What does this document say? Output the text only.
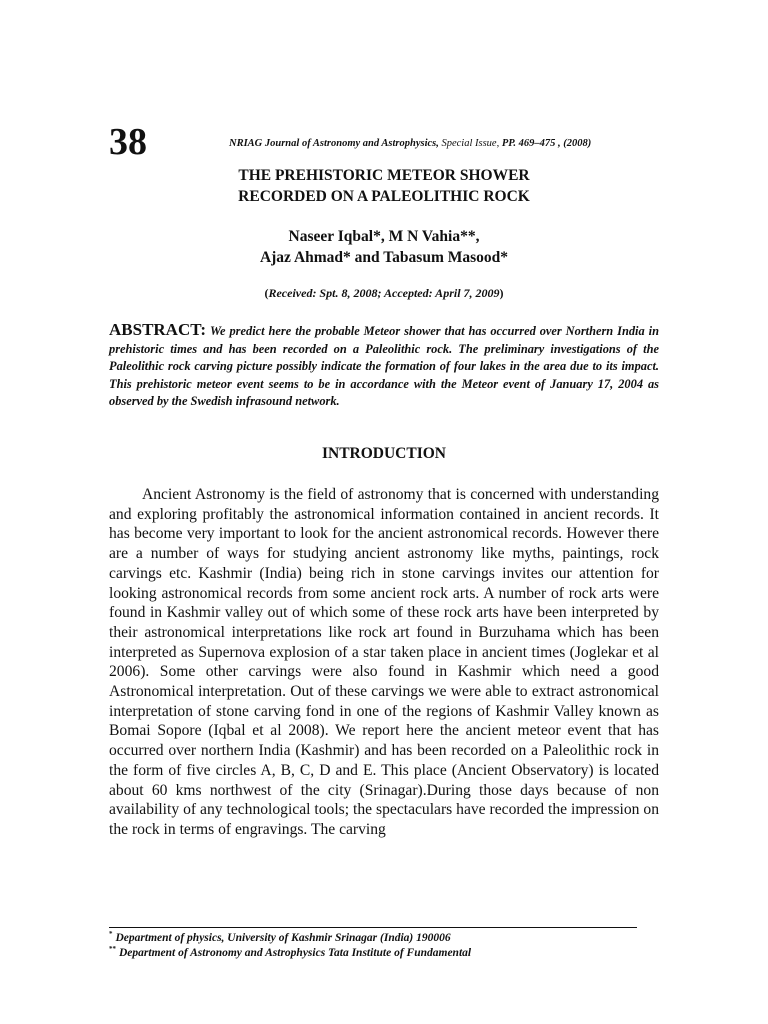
38	NRIAG Journal of Astronomy and Astrophysics, Special Issue, PP. 469–475 , (2008)
THE PREHISTORIC METEOR SHOWER
RECORDED ON A PALEOLITHIC ROCK
Naseer Iqbal*, M N Vahia**,
Ajaz Ahmad* and Tabasum Masood*
(Received: Spt. 8, 2008; Accepted: April 7, 2009)
ABSTRACT: We predict here the probable Meteor shower that has occurred over Northern India in prehistoric times and has been recorded on a Paleolithic rock. The preliminary investigations of the Paleolithic rock carving picture possibly indicate the formation of four lakes in the area due to its impact. This prehistoric meteor event seems to be in accordance with the Meteor event of January 17, 2004 as observed by the Swedish infrasound network.
INTRODUCTION
Ancient Astronomy is the field of astronomy that is concerned with understanding and exploring profitably the astronomical information contained in ancient records. It has become very important to look for the ancient astronomical records. However there are a number of ways for studying ancient astronomy like myths, paintings, rock carvings etc. Kashmir (India) being rich in stone carvings invites our attention for looking astronomical records from some ancient rock arts. A number of rock arts were found in Kashmir valley out of which some of these rock arts have been interpreted by their astronomical interpretations like rock art found in Burzuhama which has been interpreted as Supernova explosion of a star taken place in ancient times (Joglekar et al 2006). Some other carvings were also found in Kashmir which need a good Astronomical interpretation. Out of these carvings we were able to extract astronomical interpretation of stone carving fond in one of the regions of Kashmir Valley known as Bomai Sopore (Iqbal et al 2008). We report here the ancient meteor event that has occurred over northern India (Kashmir) and has been recorded on a Paleolithic rock in the form of five circles A, B, C, D and E. This place (Ancient Observatory) is located about 60 kms northwest of the city (Srinagar).During those days because of non availability of any technological tools; the spectaculars have recorded the impression on the rock in terms of engravings. The carving
* Department of physics, University of Kashmir Srinagar (India) 190006
** Department of Astronomy and Astrophysics Tata Institute of Fundamental
